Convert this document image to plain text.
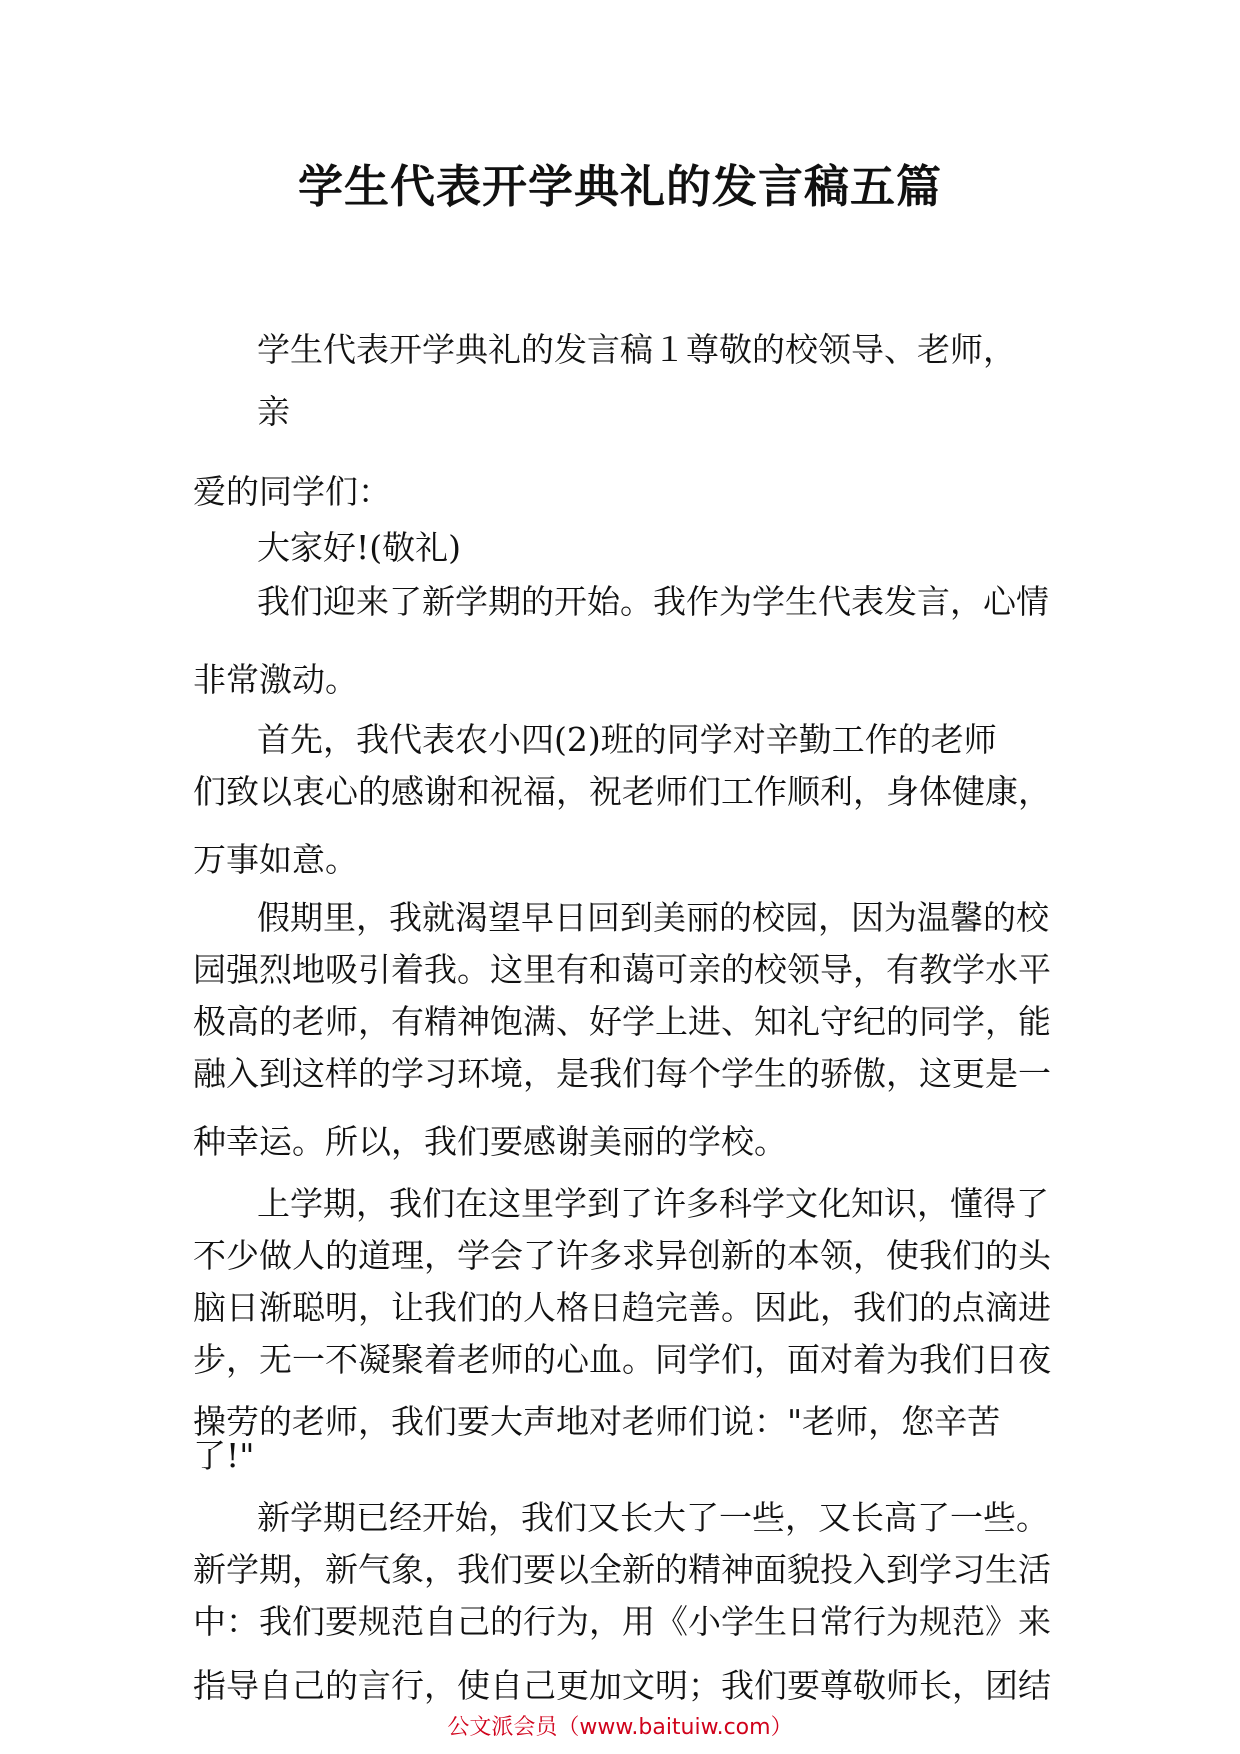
学生代表开学典礼的发言稿五篇

学生代表开学典礼的发言稿１尊敬的校领导、老师，

亲

爱的同学们：

大家好!(敬礼)

我们迎来了新学期的开始。我作为学生代表发言，心情

非常激动。

首先，我代表农小四(2)班的同学对辛勤工作的老师

们致以衷心的感谢和祝福，祝老师们工作顺利，身体健康，

万事如意。

假期里，我就渴望早日回到美丽的校园，因为温馨的校

园强烈地吸引着我。这里有和蔼可亲的校领导，有教学水平

极高的老师，有精神饱满、好学上进、知礼守纪的同学，能

融入到这样的学习环境，是我们每个学生的骄傲，这更是一

种幸运。所以，我们要感谢美丽的学校。

上学期，我们在这里学到了许多科学文化知识，懂得了

不少做人的道理，学会了许多求异创新的本领，使我们的头

脑日渐聪明，让我们的人格日趋完善。因此，我们的点滴进

步，无一不凝聚着老师的心血。同学们，面对着为我们日夜

操劳的老师，我们要大声地对老师们说："老师，您辛苦

了!"

新学期已经开始，我们又长大了一些，又长高了一些。

新学期，新气象，我们要以全新的精神面貌投入到学习生活

中：我们要规范自己的行为，用《小学生日常行为规范》来

指导自己的言行，使自己更加文明；我们要尊敬师长，团结

公文派会员（www.baituiw.com）
